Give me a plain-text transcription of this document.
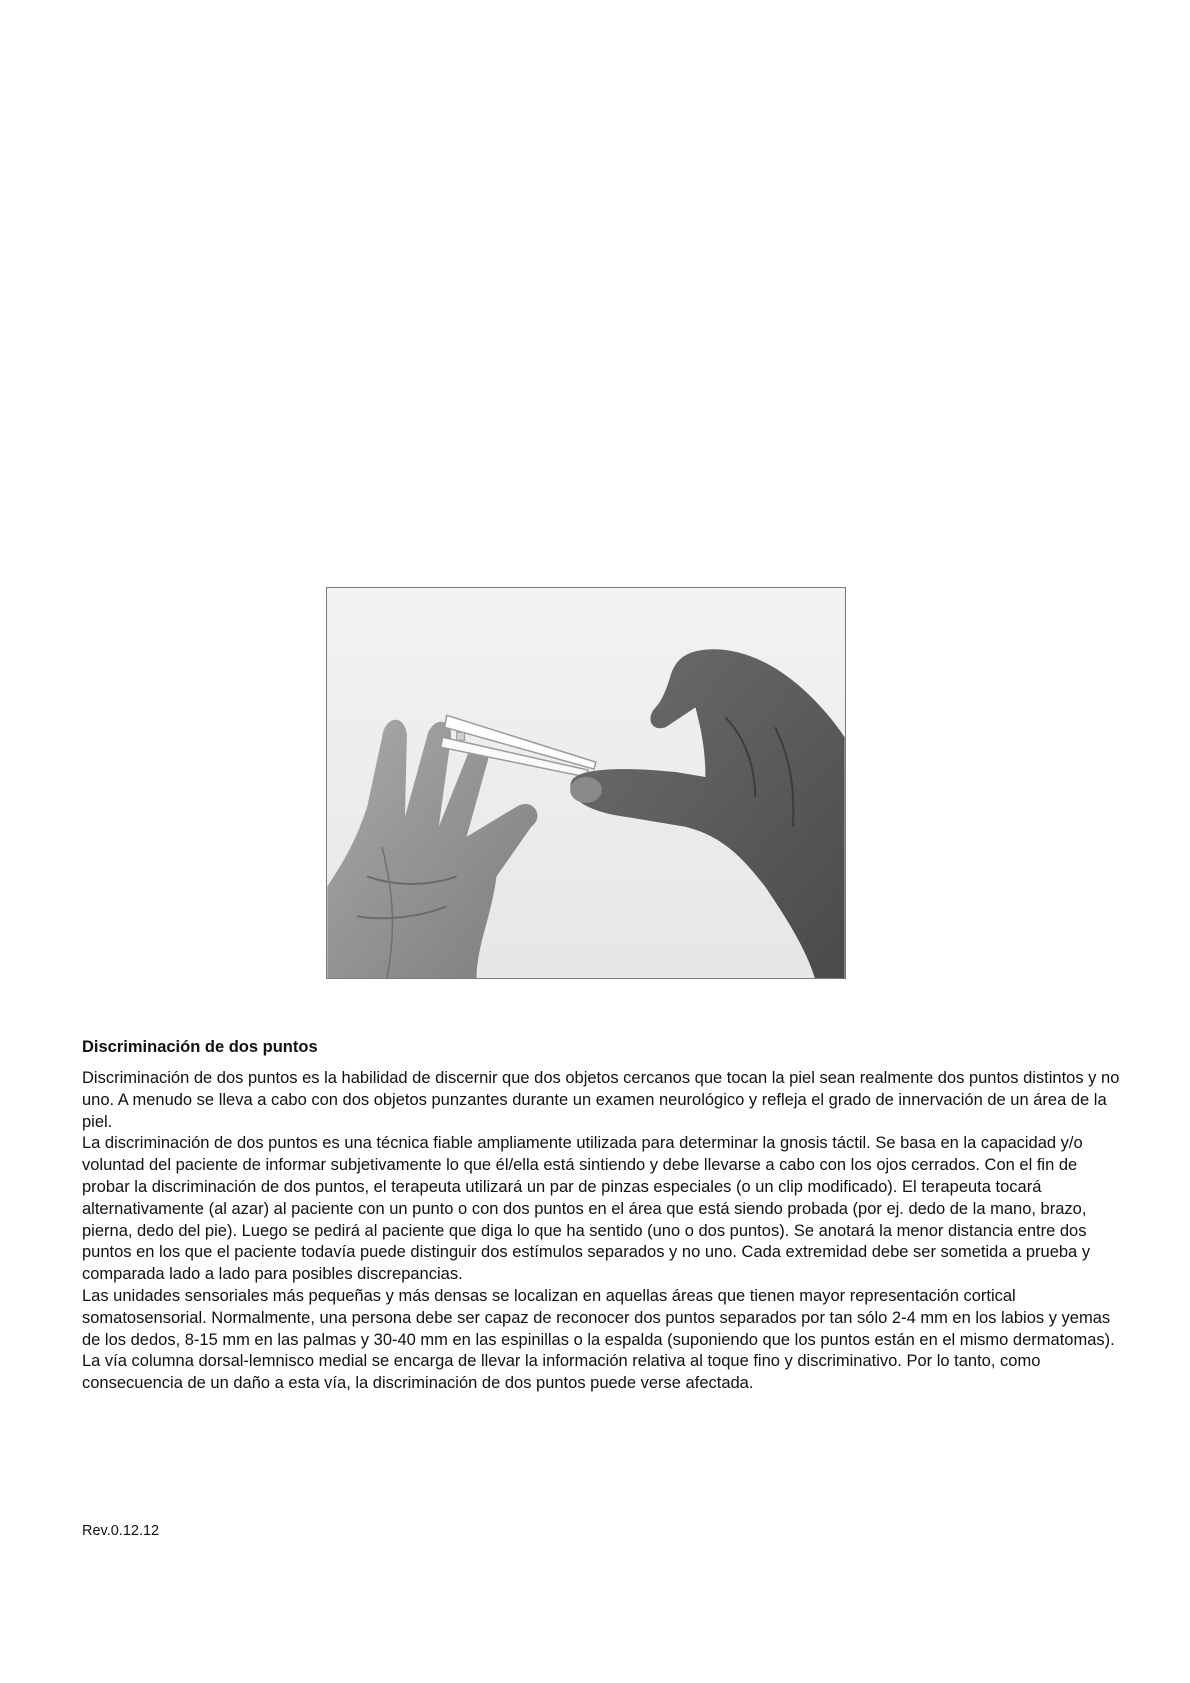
Discriminación de dos puntos

Discriminación de dos puntos es la habilidad de discernir que dos objetos cercanos que tocan la piel sean realmente dos puntos distintos y no uno. A menudo se lleva a cabo con dos objetos punzantes durante un examen neurológico y refleja el grado de innervación de un área de la piel.

La discriminación de dos puntos es una técnica fiable ampliamente utilizada para determinar la gnosis táctil. Se basa en la capacidad y/o voluntad del paciente de informar subjetivamente lo que él/ella está sintiendo y debe llevarse a cabo con los ojos cerrados. Con el fin de probar la discriminación de dos puntos, el terapeuta utilizará un par de pinzas especiales (o un clip modificado). El terapeuta tocará alternativamente (al azar) al paciente con un punto o con dos puntos en el área que está siendo probada (por ej. dedo de la mano, brazo, pierna, dedo del pie). Luego se pedirá al paciente que diga lo que ha sentido (uno o dos puntos). Se anotará la menor distancia entre dos puntos en los que el paciente todavía puede distinguir dos estímulos separados y no uno. Cada extremidad debe ser sometida a prueba y comparada lado a lado para posibles discrepancias.

Las unidades sensoriales más pequeñas y más densas se localizan en aquellas áreas que tienen mayor representación cortical somatosensorial. Normalmente, una persona debe ser capaz de reconocer dos puntos separados por tan sólo 2-4 mm en los labios y yemas de los dedos, 8-15 mm en las palmas y 30-40 mm en las espinillas o la espalda (suponiendo que los puntos están en el mismo dermatomas). La vía columna dorsal-lemnisco medial se encarga de llevar la información relativa al toque fino y discriminativo. Por lo tanto, como consecuencia de un daño a esta vía, la discriminación de dos puntos puede verse afectada.

Rev.0.12.12
